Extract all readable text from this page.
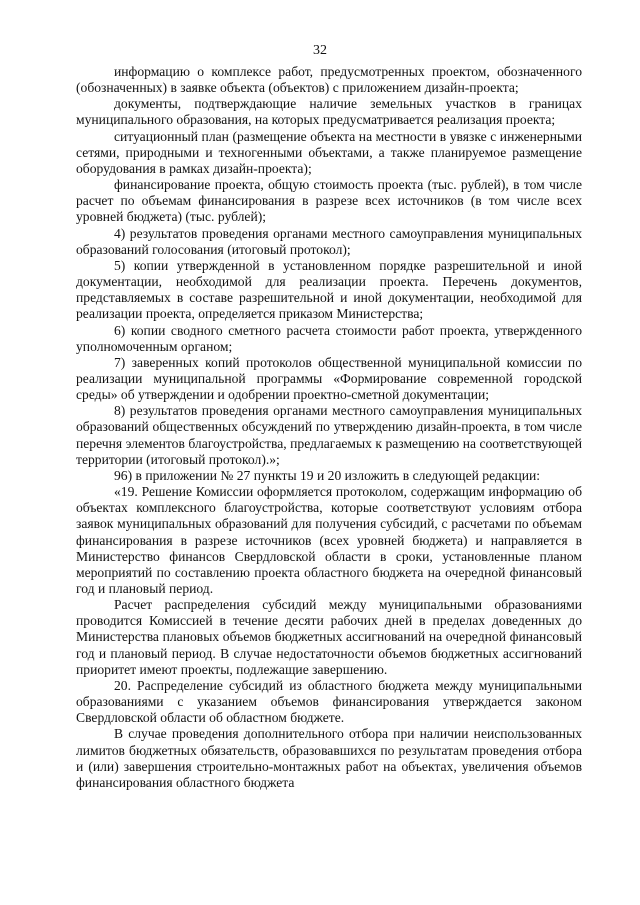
32

информацию о комплексе работ, предусмотренных проектом, обозначенного (обозначенных) в заявке объекта (объектов) с приложением дизайн-проекта;

документы, подтверждающие наличие земельных участков в границах муниципального образования, на которых предусматривается реализация проекта;

ситуационный план (размещение объекта на местности в увязке с инженерными сетями, природными и техногенными объектами, а также планируемое размещение оборудования в рамках дизайн-проекта);

финансирование проекта, общую стоимость проекта (тыс. рублей), в том числе расчет по объемам финансирования в разрезе всех источников (в том числе всех уровней бюджета) (тыс. рублей);

4) результатов проведения органами местного самоуправления муниципальных образований голосования (итоговый протокол);

5) копии утвержденной в установленном порядке разрешительной и иной документации, необходимой для реализации проекта. Перечень документов, представляемых в составе разрешительной и иной документации, необходимой для реализации проекта, определяется приказом Министерства;

6) копии сводного сметного расчета стоимости работ проекта, утвержденного уполномоченным органом;

7) заверенных копий протоколов общественной муниципальной комиссии по реализации муниципальной программы «Формирование современной городской среды» об утверждении и одобрении проектно-сметной документации;

8) результатов проведения органами местного самоуправления муниципальных образований общественных обсуждений по утверждению дизайн-проекта, в том числе перечня элементов благоустройства, предлагаемых к размещению на соответствующей территории (итоговый протокол).»;

96) в приложении № 27 пункты 19 и 20 изложить в следующей редакции:

«19. Решение Комиссии оформляется протоколом, содержащим информацию об объектах комплексного благоустройства, которые соответствуют условиям отбора заявок муниципальных образований для получения субсидий, с расчетами по объемам финансирования в разрезе источников (всех уровней бюджета) и направляется в Министерство финансов Свердловской области в сроки, установленные планом мероприятий по составлению проекта областного бюджета на очередной финансовый год и плановый период.

Расчет распределения субсидий между муниципальными образованиями проводится Комиссией в течение десяти рабочих дней в пределах доведенных до Министерства плановых объемов бюджетных ассигнований на очередной финансовый год и плановый период. В случае недостаточности объемов бюджетных ассигнований приоритет имеют проекты, подлежащие завершению.

20. Распределение субсидий из областного бюджета между муниципальными образованиями с указанием объемов финансирования утверждается законом Свердловской области об областном бюджете.

В случае проведения дополнительного отбора при наличии неиспользованных лимитов бюджетных обязательств, образовавшихся по результатам проведения отбора и (или) завершения строительно-монтажных работ на объектах, увеличения объемов финансирования областного бюджета
